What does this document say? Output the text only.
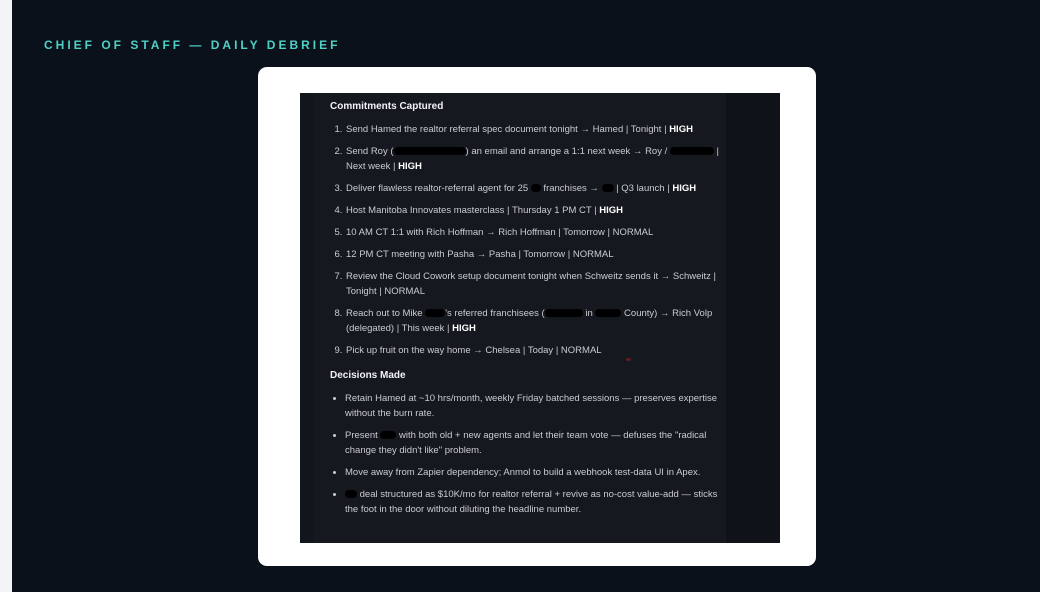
CHIEF OF STAFF — DAILY DEBRIEF
Commitments Captured
1. Send Hamed the realtor referral spec document tonight → Hamed | Tonight | HIGH
2. Send Roy (	) an email and arrange a 1:1 next week → Roy /	| Next week | HIGH
3. Deliver flawless realtor-referral agent for 25  franchises →  | Q3 launch | HIGH
4. Host Manitoba Innovates masterclass | Thursday 1 PM CT | HIGH
5. 10 AM CT 1:1 with Rich Hoffman → Rich Hoffman | Tomorrow | NORMAL
6. 12 PM CT meeting with Pasha → Pasha | Tomorrow | NORMAL
7. Review the Cloud Cowork setup document tonight when Schweitz sends it → Schweitz | Tonight | NORMAL
8. Reach out to Mike 's referred franchisees (	in	County) → Rich Volp (delegated) | This week | HIGH
9. Pick up fruit on the way home → Chelsea | Today | NORMAL
Decisions Made
• Retain Hamed at ~10 hrs/month, weekly Friday batched sessions — preserves expertise without the burn rate.
• Present  with both old + new agents and let their team vote — defuses the "radical change they didn't like" problem.
• Move away from Zapier dependency; Anmol to build a webhook test-data UI in Apex.
• deal structured as $10K/mo for realtor referral + revive as no-cost value-add — sticks the foot in the door without diluting the headline number.
